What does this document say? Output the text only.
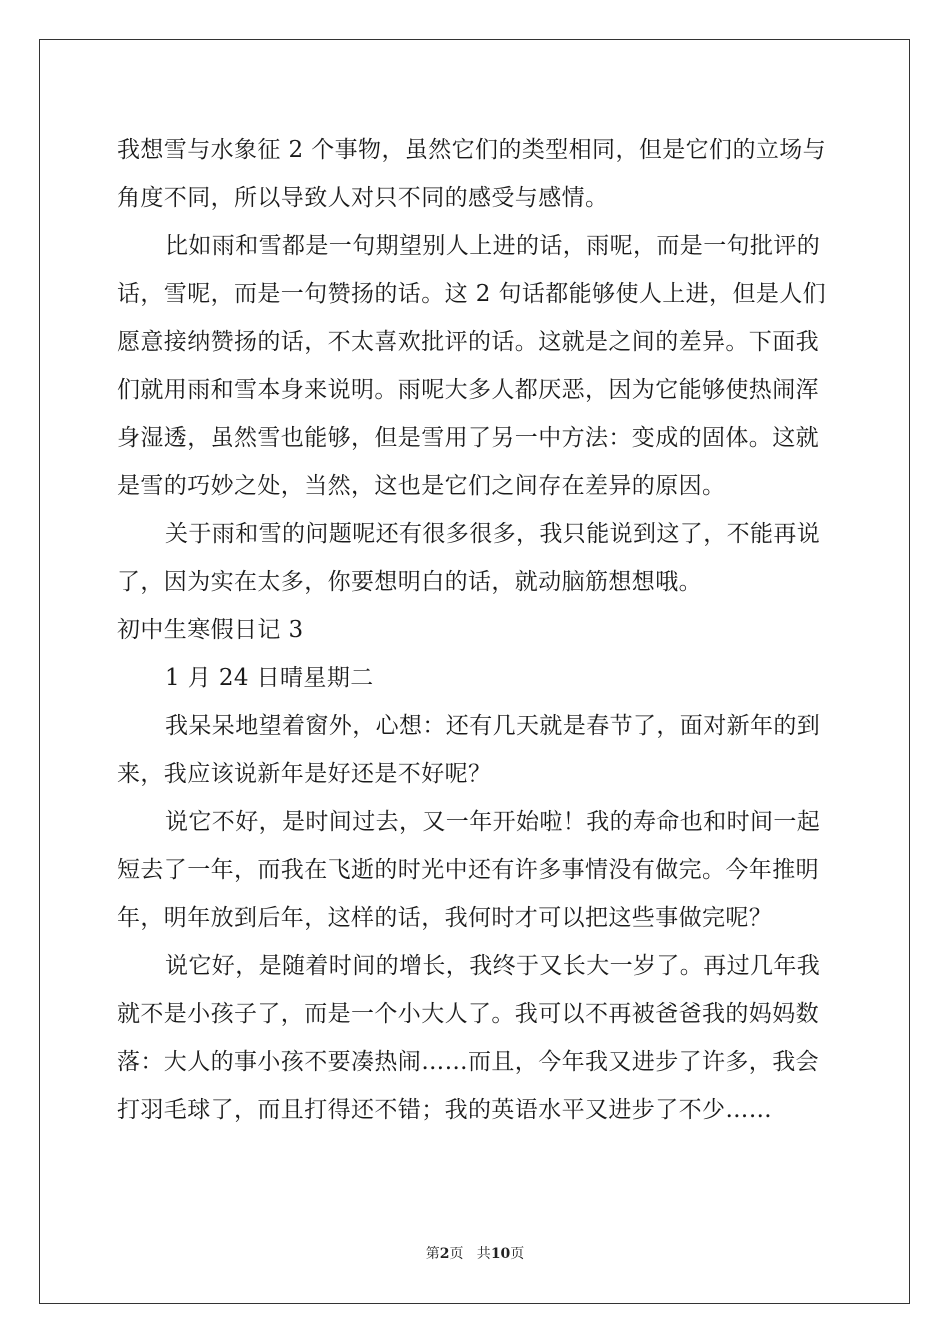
我想雪与水象征 2 个事物，虽然它们的类型相同，但是它们的立场与
角度不同，所以导致人对只不同的感受与感情。
比如雨和雪都是一句期望别人上进的话，雨呢，而是一句批评的
话，雪呢，而是一句赞扬的话。这 2 句话都能够使人上进，但是人们
愿意接纳赞扬的话，不太喜欢批评的话。这就是之间的差异。下面我
们就用雨和雪本身来说明。雨呢大多人都厌恶，因为它能够使热闹浑
身湿透，虽然雪也能够，但是雪用了另一中方法：变成的固体。这就
是雪的巧妙之处，当然，这也是它们之间存在差异的原因。
关于雨和雪的问题呢还有很多很多，我只能说到这了，不能再说
了，因为实在太多，你要想明白的话，就动脑筋想想哦。
初中生寒假日记 3
1 月 24 日晴星期二
我呆呆地望着窗外，心想：还有几天就是春节了，面对新年的到
来，我应该说新年是好还是不好呢？
说它不好，是时间过去，又一年开始啦！我的寿命也和时间一起
短去了一年，而我在飞逝的时光中还有许多事情没有做完。今年推明
年，明年放到后年，这样的话，我何时才可以把这些事做完呢？
说它好，是随着时间的增长，我终于又长大一岁了。再过几年我
就不是小孩子了，而是一个小大人了。我可以不再被爸爸我的妈妈数
落：大人的事小孩不要凑热闹……而且，今年我又进步了许多，我会
打羽毛球了，而且打得还不错；我的英语水平又进步了不少……
第2页   共10页
